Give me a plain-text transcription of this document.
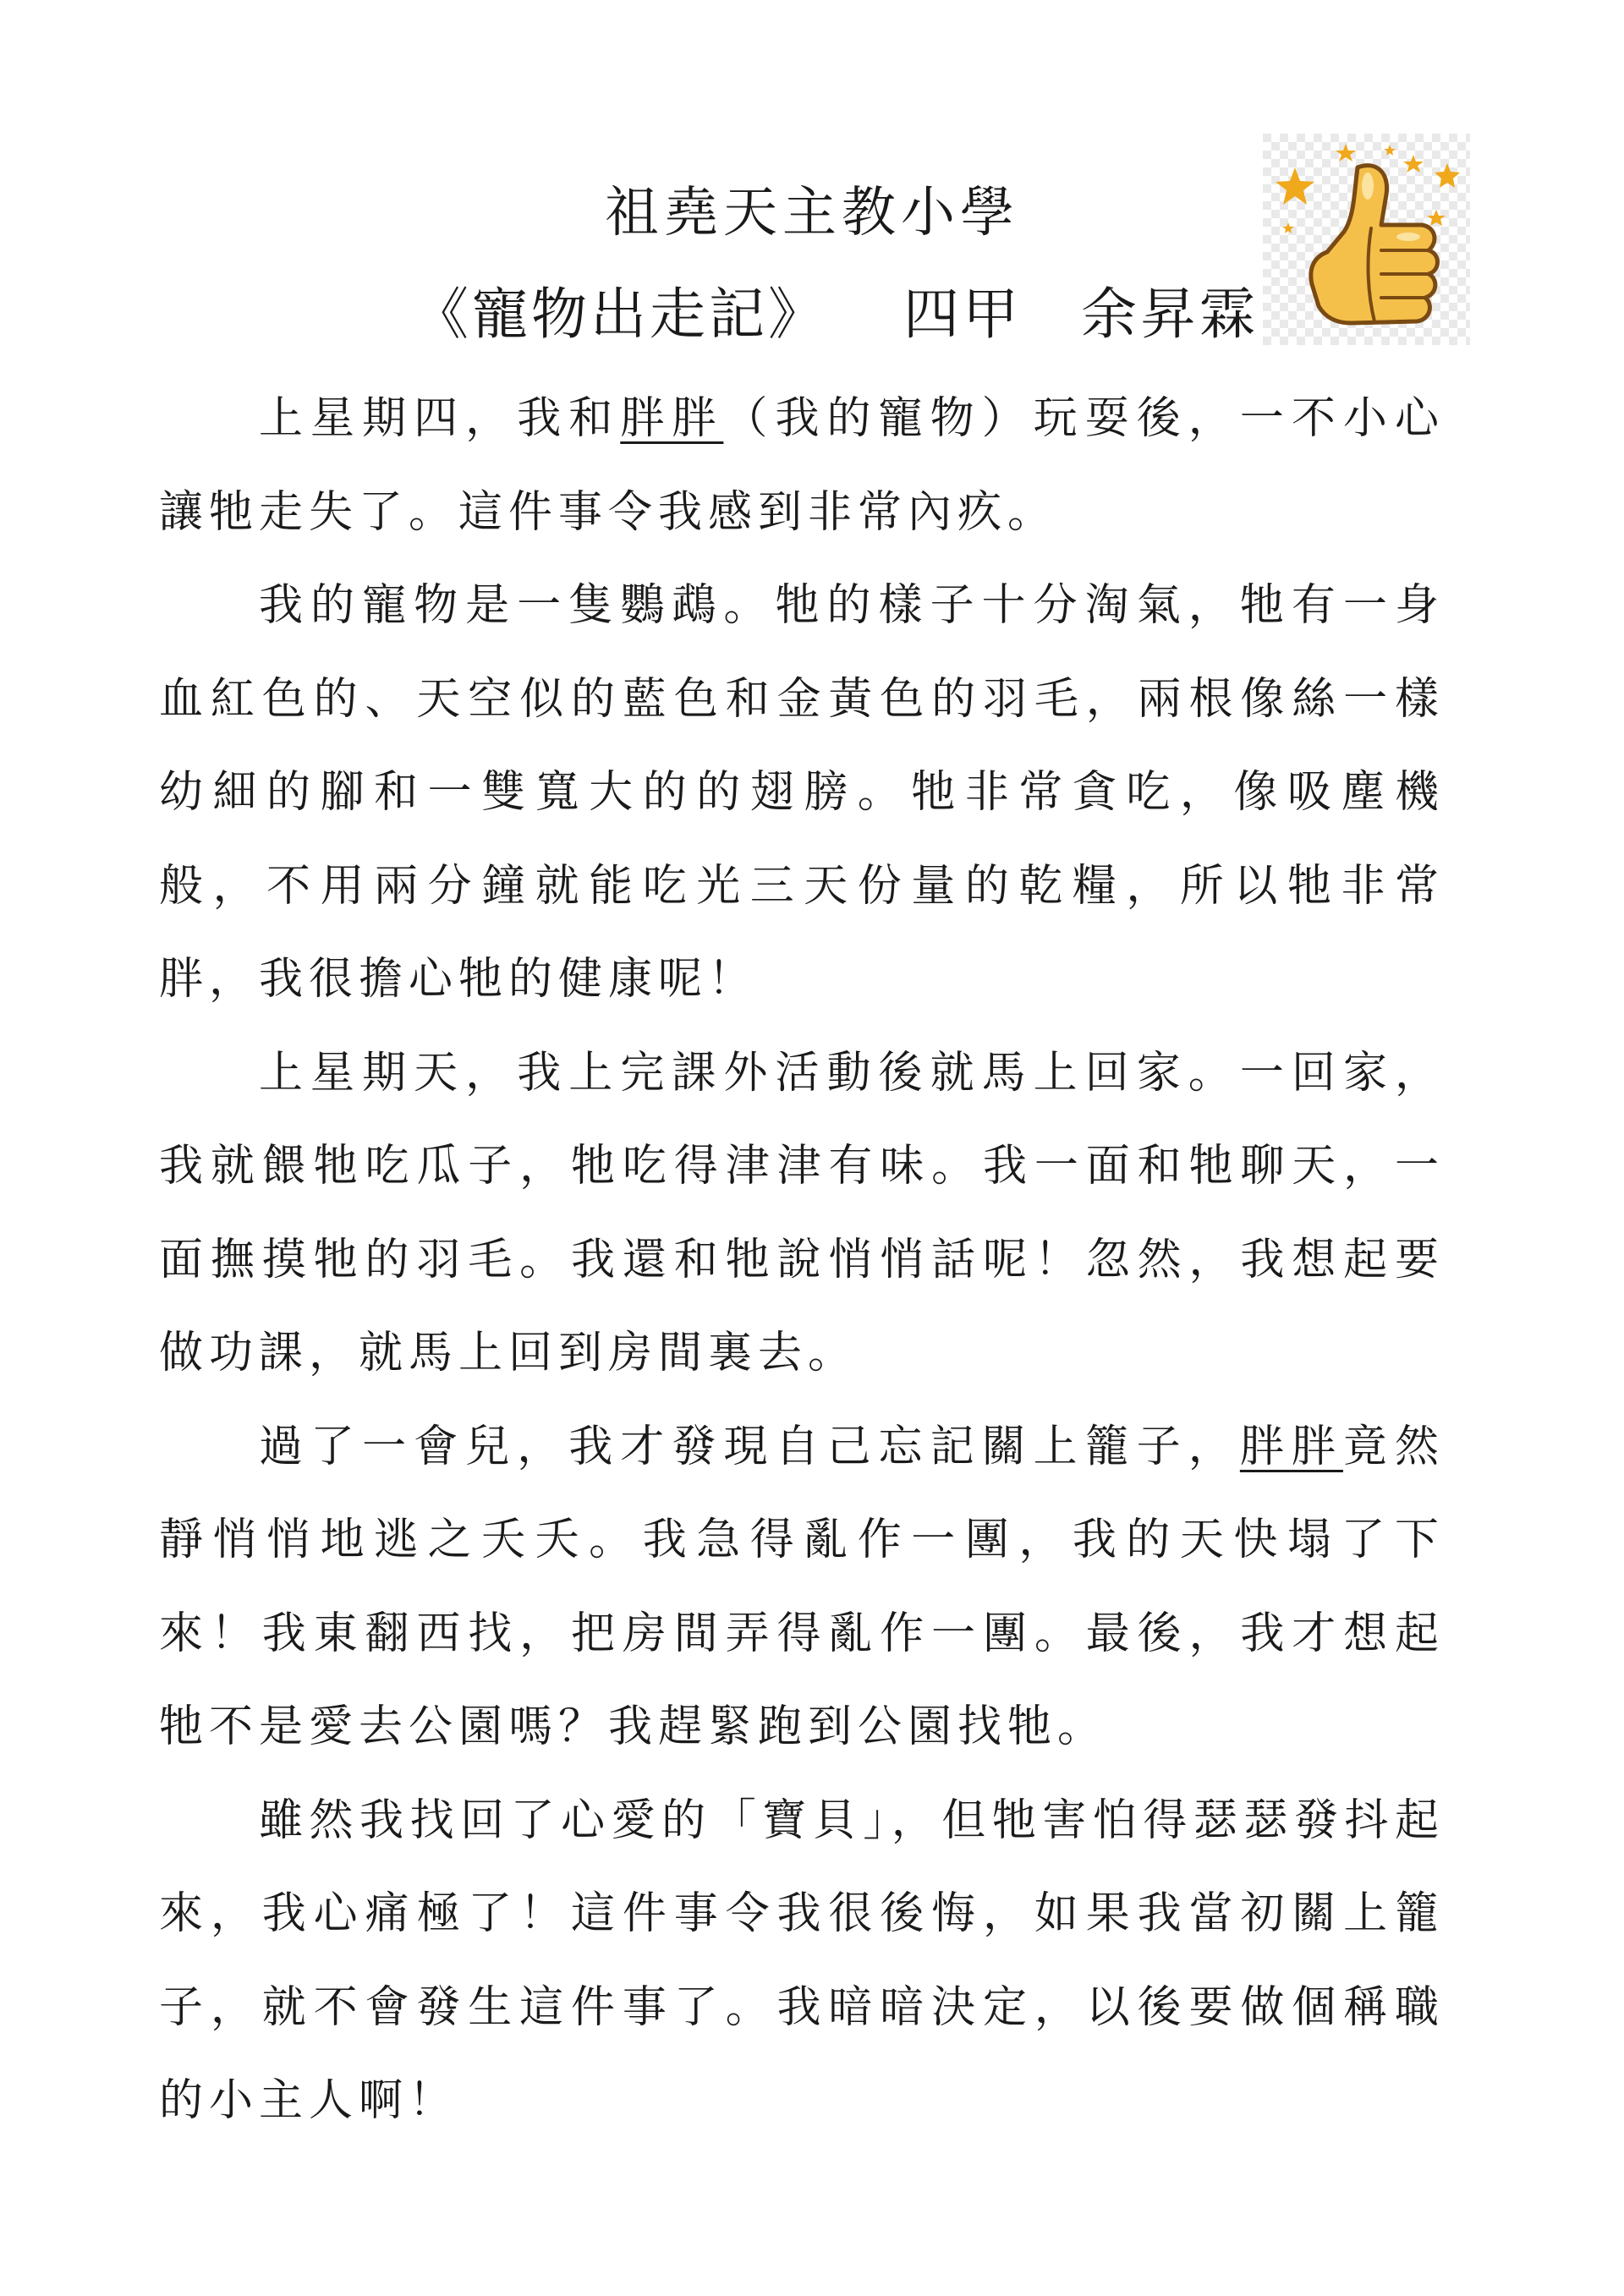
祖堯天主教小學
《寵物出走記》 四甲 余昇霖

上星期四，我和胖胖（我的寵物）玩耍後，一不小心讓牠走失了。這件事令我感到非常內疚。

我的寵物是一隻鸚鵡。牠的樣子十分淘氣，牠有一身血紅色的、天空似的藍色和金黃色的羽毛，兩根像絲一樣幼細的腳和一雙寬大的的翅膀。牠非常貪吃，像吸塵機般，不用兩分鐘就能吃光三天份量的乾糧，所以牠非常胖，我很擔心牠的健康呢！

上星期天，我上完課外活動後就馬上回家。一回家，我就餵牠吃瓜子，牠吃得津津有味。我一面和牠聊天，一面撫摸牠的羽毛。我還和牠說悄悄話呢！忽然，我想起要做功課，就馬上回到房間裏去。

過了一會兒，我才發現自己忘記關上籠子，胖胖竟然靜悄悄地逃之夭夭。我急得亂作一團，我的天快塌了下來！我東翻西找，把房間弄得亂作一團。最後，我才想起牠不是愛去公園嗎？我趕緊跑到公園找牠。

雖然我找回了心愛的「寶貝」，但牠害怕得瑟瑟發抖起來，我心痛極了！這件事令我很後悔，如果我當初關上籠子，就不會發生這件事了。我暗暗決定，以後要做個稱職的小主人啊！
